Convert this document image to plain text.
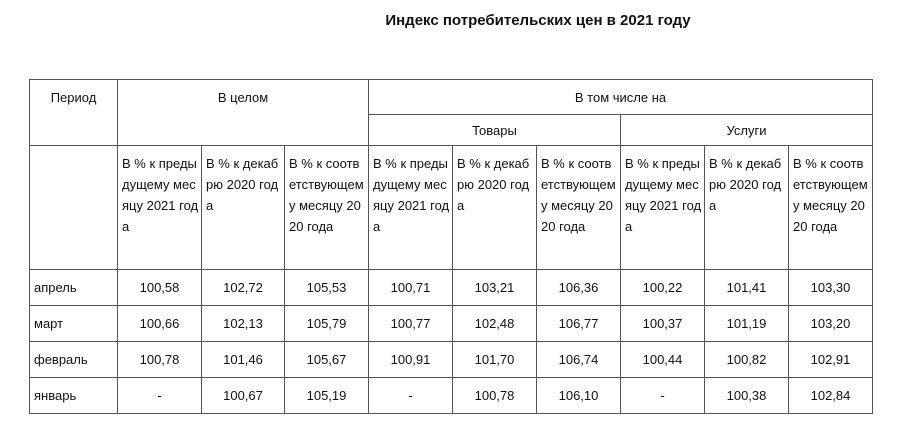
Индекс потребительских цен в 2021 году
Период	В целом			В том числе на					
				Товары			Услуги		
	В % к предыдущему месяцу 2021 года	В % к декабрю 2020 года	В % к соответствующему месяцу 2020 года	В % к предыдущему месяцу 2021 года	В % к декабрю 2020 года	В % к соответствующему месяцу 2020 года	В % к предыдущему месяцу 2021 года	В % к декабрю 2020 года	В % к соответствующему месяцу 2020 года
апрель	100,58	102,72	105,53	100,71	103,21	106,36	100,22	101,41	103,30
март	100,66	102,13	105,79	100,77	102,48	106,77	100,37	101,19	103,20
февраль	100,78	101,46	105,67	100,91	101,70	106,74	100,44	100,82	102,91
январь	-	100,67	105,19	-	100,78	106,10	-	100,38	102,84
